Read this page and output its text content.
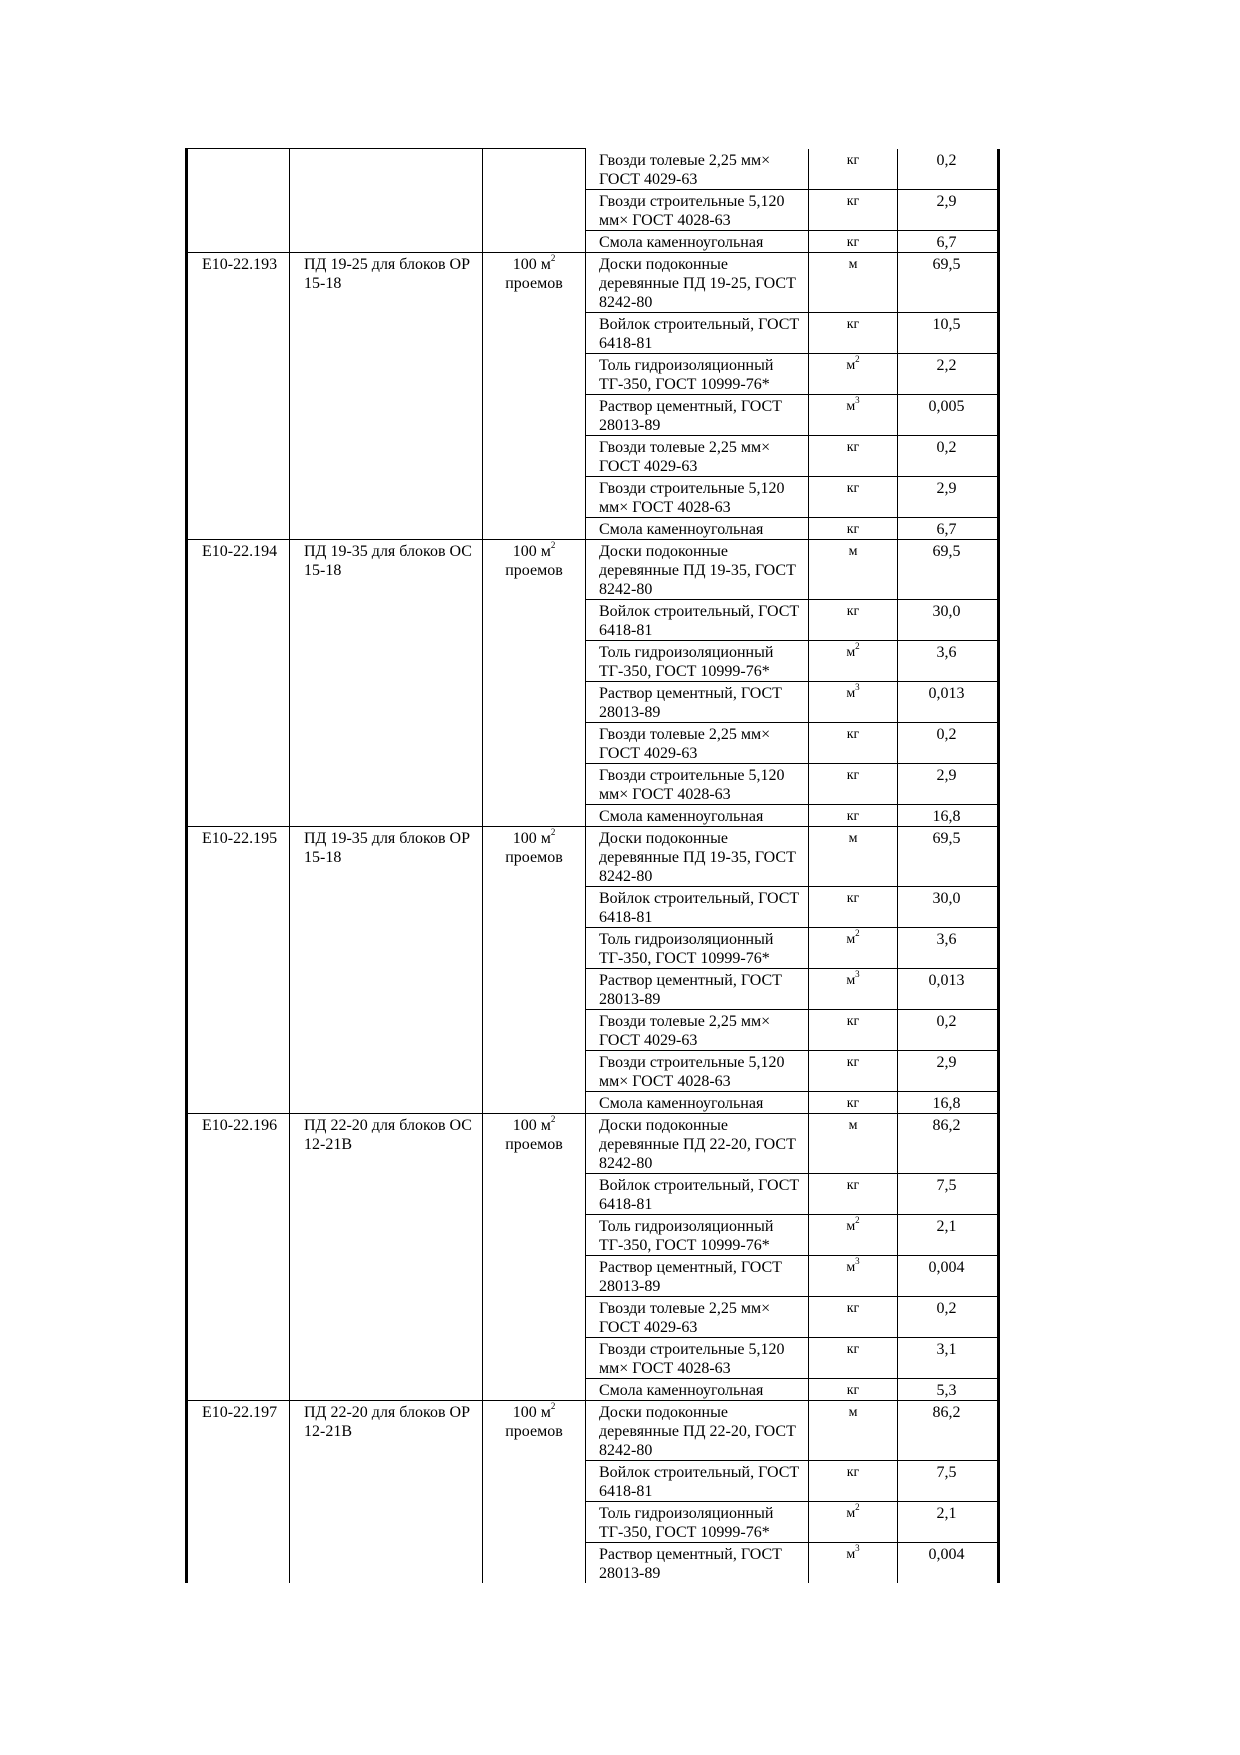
			Гвозди толевые 2,25 мм× ГОСТ 4029-63	кг	0,2
			Гвозди строительные 5,120 мм× ГОСТ 4028-63	кг	2,9
			Смола каменноугольная	кг	6,7
Е10-22.193	ПД 19-25 для блоков ОР 15-18	100 $м^2$ проемов	Доски подоконные деревянные ПД 19-25, ГОСТ 8242-80	м	69,5
			Войлок строительный, ГОСТ 6418-81	кг	10,5
			Толь гидроизоляционный ТГ-350, ГОСТ 10999-76*	$м^2$	2,2
			Раствор цементный, ГОСТ 28013-89	$м^3$	0,005
			Гвозди толевые 2,25 мм× ГОСТ 4029-63	кг	0,2
			Гвозди строительные 5,120 мм× ГОСТ 4028-63	кг	2,9
			Смола каменноугольная	кг	6,7
Е10-22.194	ПД 19-35 для блоков ОС 15-18	100 $м^2$ проемов	Доски подоконные деревянные ПД 19-35, ГОСТ 8242-80	м	69,5
			Войлок строительный, ГОСТ 6418-81	кг	30,0
			Толь гидроизоляционный ТГ-350, ГОСТ 10999-76*	$м^2$	3,6
			Раствор цементный, ГОСТ 28013-89	$м^3$	0,013
			Гвозди толевые 2,25 мм× ГОСТ 4029-63	кг	0,2
			Гвозди строительные 5,120 мм× ГОСТ 4028-63	кг	2,9
			Смола каменноугольная	кг	16,8
Е10-22.195	ПД 19-35 для блоков ОР 15-18	100 $м^2$ проемов	Доски подоконные деревянные ПД 19-35, ГОСТ 8242-80	м	69,5
			Войлок строительный, ГОСТ 6418-81	кг	30,0
			Толь гидроизоляционный ТГ-350, ГОСТ 10999-76*	$м^2$	3,6
			Раствор цементный, ГОСТ 28013-89	$м^3$	0,013
			Гвозди толевые 2,25 мм× ГОСТ 4029-63	кг	0,2
			Гвозди строительные 5,120 мм× ГОСТ 4028-63	кг	2,9
			Смола каменноугольная	кг	16,8
Е10-22.196	ПД 22-20 для блоков ОС 12-21В	100 $м^2$ проемов	Доски подоконные деревянные ПД 22-20, ГОСТ 8242-80	м	86,2
			Войлок строительный, ГОСТ 6418-81	кг	7,5
			Толь гидроизоляционный ТГ-350, ГОСТ 10999-76*	$м^2$	2,1
			Раствор цементный, ГОСТ 28013-89	$м^3$	0,004
			Гвозди толевые 2,25 мм× ГОСТ 4029-63	кг	0,2
			Гвозди строительные 5,120 мм× ГОСТ 4028-63	кг	3,1
			Смола каменноугольная	кг	5,3
Е10-22.197	ПД 22-20 для блоков ОР 12-21В	100 $м^2$ проемов	Доски подоконные деревянные ПД 22-20, ГОСТ 8242-80	м	86,2
			Войлок строительный, ГОСТ 6418-81	кг	7,5
			Толь гидроизоляционный ТГ-350, ГОСТ 10999-76*	$м^2$	2,1
			Раствор цементный, ГОСТ 28013-89	$м^3$	0,004
